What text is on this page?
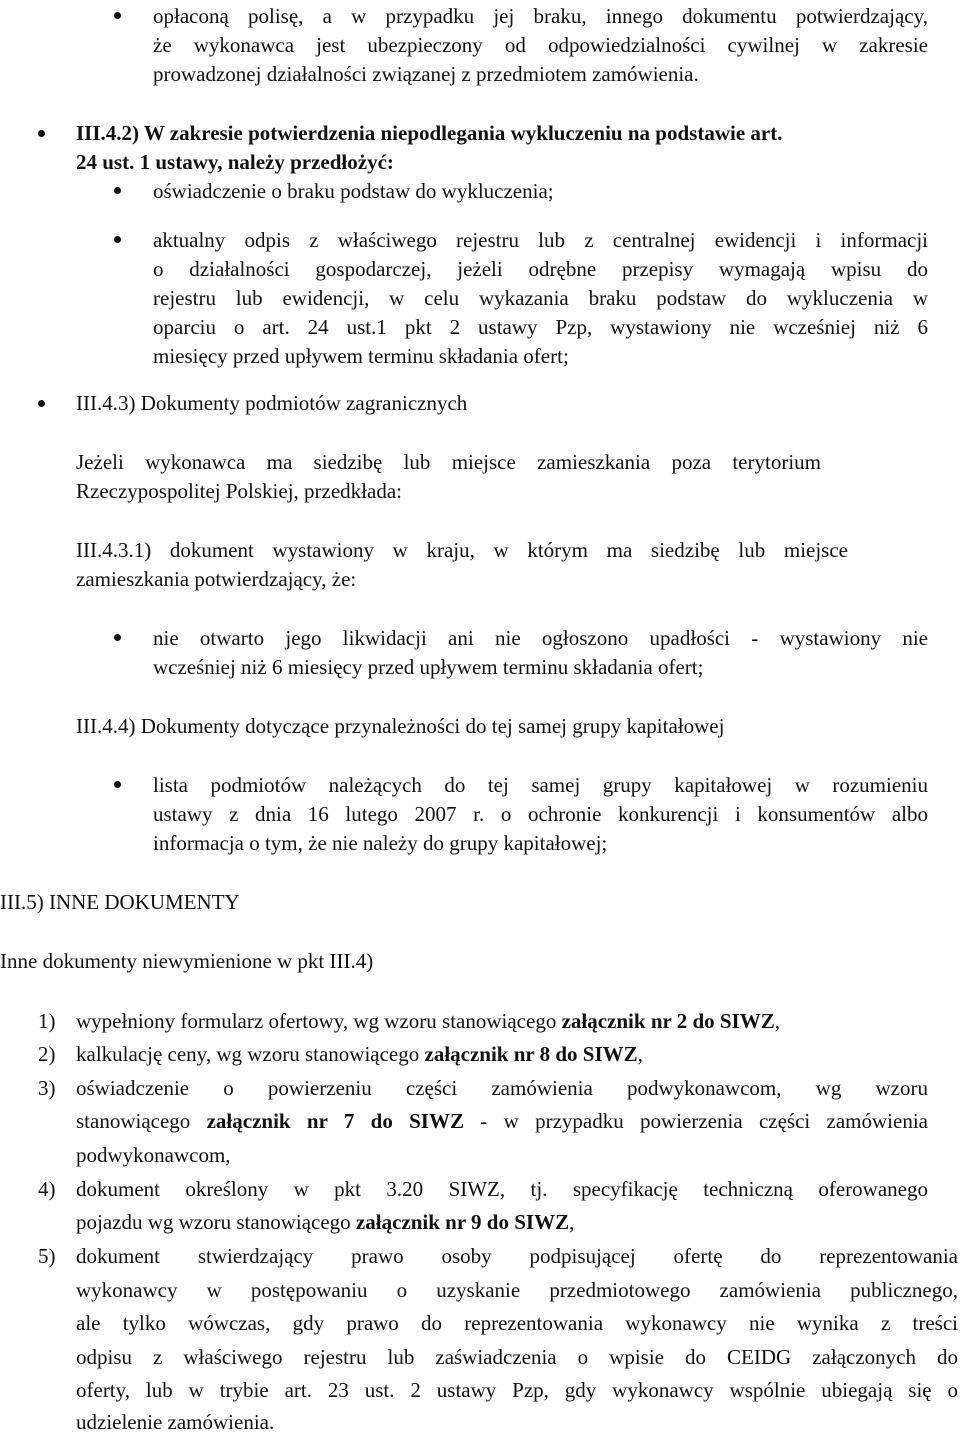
opłaconą polisę, a w przypadku jej braku, innego dokumentu potwierdzający,

że wykonawca jest ubezpieczony od odpowiedzialności cywilnej w zakresie

prowadzonej działalności związanej z przedmiotem zamówienia.

III.4.2) W zakresie potwierdzenia niepodlegania wykluczeniu na podstawie art.

24 ust. 1 ustawy, należy przedłożyć:

oświadczenie o braku podstaw do wykluczenia;

aktualny odpis z właściwego rejestru lub z centralnej ewidencji i informacji

o działalności gospodarczej, jeżeli odrębne przepisy wymagają wpisu do

rejestru lub ewidencji, w celu wykazania braku podstaw do wykluczenia w

oparciu o art. 24 ust.1 pkt 2 ustawy Pzp, wystawiony nie wcześniej niż 6

miesięcy przed upływem terminu składania ofert;

III.4.3) Dokumenty podmiotów zagranicznych

Jeżeli wykonawca ma siedzibę lub miejsce zamieszkania poza terytorium

Rzeczypospolitej Polskiej, przedkłada:

III.4.3.1) dokument wystawiony w kraju, w którym ma siedzibę lub miejsce

zamieszkania potwierdzający, że:

nie otwarto jego likwidacji ani nie ogłoszono upadłości - wystawiony nie

wcześniej niż 6 miesięcy przed upływem terminu składania ofert;

III.4.4) Dokumenty dotyczące przynależności do tej samej grupy kapitałowej

lista podmiotów należących do tej samej grupy kapitałowej w rozumieniu

ustawy z dnia 16 lutego 2007 r. o ochronie konkurencji i konsumentów albo

informacja o tym, że nie należy do grupy kapitałowej;

III.5) INNE DOKUMENTY

Inne dokumenty niewymienione w pkt III.4)

1) wypełniony formularz ofertowy, wg wzoru stanowiącego załącznik nr 2 do SIWZ,

2) kalkulację ceny, wg wzoru stanowiącego załącznik nr 8 do SIWZ,

3) oświadczenie o powierzeniu części zamówienia podwykonawcom, wg wzoru

stanowiącego załącznik nr 7 do SIWZ - w przypadku powierzenia części zamówienia

podwykonawcom,

4) dokument określony w pkt 3.20 SIWZ, tj. specyfikację techniczną oferowanego

pojazdu wg wzoru stanowiącego załącznik nr 9 do SIWZ,

5) dokument stwierdzający prawo osoby podpisującej ofertę do reprezentowania

wykonawcy w postępowaniu o uzyskanie przedmiotowego zamówienia publicznego,

ale tylko wówczas, gdy prawo do reprezentowania wykonawcy nie wynika z treści

odpisu z właściwego rejestru lub zaświadczenia o wpisie do CEIDG załączonych do

oferty, lub w trybie art. 23 ust. 2 ustawy Pzp, gdy wykonawcy wspólnie ubiegają się o

udzielenie zamówienia.
